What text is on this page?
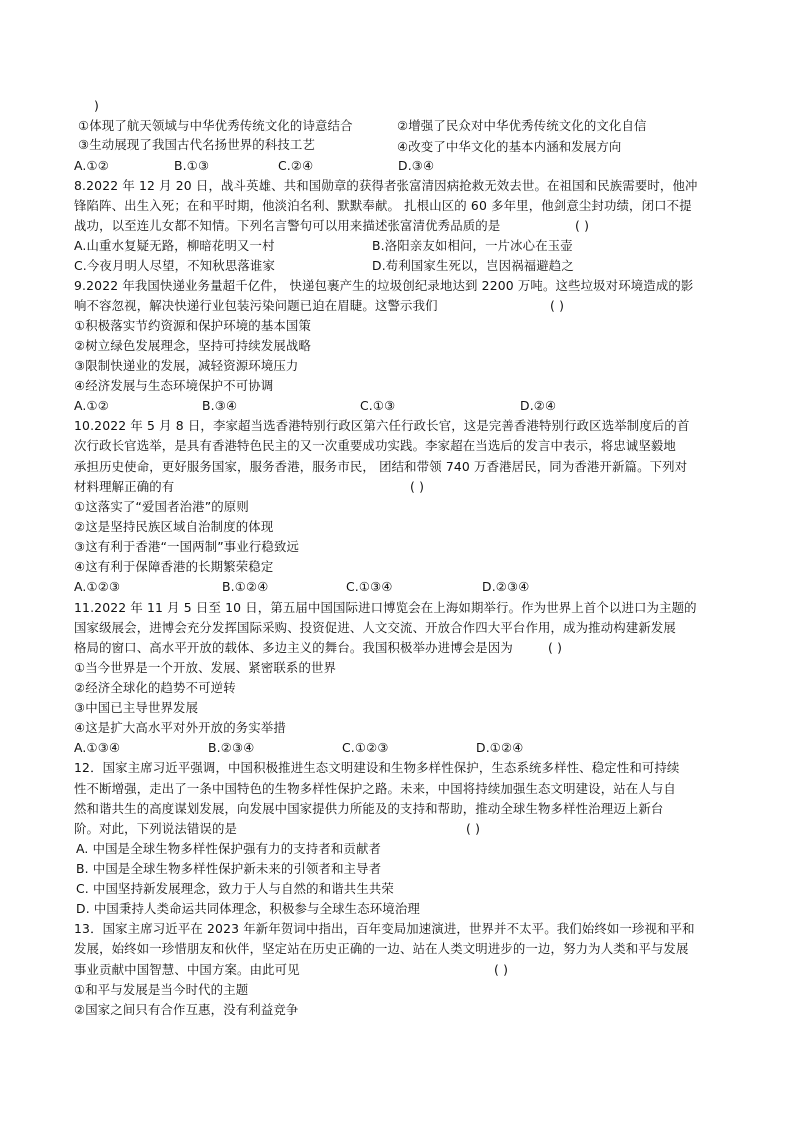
)
①体现了航天领域与中华优秀传统文化的诗意结合	②增强了民众对中华优秀传统文化的文化自信
③生动展现了我国古代名扬世界的科技工艺	④改变了中华文化的基本内涵和发展方向
A.①②	B.①③	C.②④	D.③④
8.2022 年 12 月 20 日，战斗英雄、共和国勋章的获得者张富清因病抢救无效去世。在祖国和民族需要时，他冲
锋陷阵、出生入死；在和平时期，他淡泊名利、默默奉献。 扎根山区的 60 多年里，他剑意尘封功绩，闭口不提
战功，以至连儿女都不知情。下列名言警句可以用来描述张富清优秀品质的是	( )
A.山重水复疑无路，柳暗花明又一村	B.洛阳亲友如相问，一片冰心在玉壶
C.今夜月明人尽望，不知秋思落谁家	D.苟利国家生死以，岂因祸福避趋之
9.2022 年我国快递业务量超千亿件， 快递包裹产生的垃圾创纪录地达到 2200 万吨。这些垃圾对环境造成的影
响不容忽视，解决快递行业包装污染问题已迫在眉睫。这警示我们	( )
①积极落实节约资源和保护环境的基本国策
②树立绿色发展理念，坚持可持续发展战略
③限制快递业的发展，减轻资源环境压力
④经济发展与生态环境保护不可协调
A.①②	B.③④	C.①③	D.②④
10.2022 年 5 月 8 日，李家超当选香港特别行政区第六任行政长官，这是完善香港特别行政区选举制度后的首
次行政长官选举，是具有香港特色民主的又一次重要成功实践。李家超在当选后的发言中表示，将忠诚坚毅地
承担历史使命，更好服务国家，服务香港，服务市民， 团结和带领 740 万香港居民，同为香港开新篇。下列对
材料理解正确的有	( )
①这落实了“爱国者治港”的原则
②这是坚持民族区域自治制度的体现
③这有利于香港“一国两制”事业行稳致远
④这有利于保障香港的长期繁荣稳定
A.①②③	B.①②④	C.①③④	D.②③④
11.2022 年 11 月 5 日至 10 日，第五届中国国际进口博览会在上海如期举行。作为世界上首个以进口为主题的
国家级展会，进博会充分发挥国际采购、投资促进、人文交流、开放合作四大平台作用，成为推动构建新发展
格局的窗口、高水平开放的载体、多边主义的舞台。我国积极举办进博会是因为	( )
①当今世界是一个开放、发展、紧密联系的世界
②经济全球化的趋势不可逆转
③中国已主导世界发展
④这是扩大高水平对外开放的务实举措
A.①③④	B.②③④	C.①②③	D.①②④
12．国家主席习近平强调，中国积极推进生态文明建设和生物多样性保护，生态系统多样性、稳定性和可持续
性不断增强，走出了一条中国特色的生物多样性保护之路。未来，中国将持续加强生态文明建设，站在人与自
然和谐共生的高度谋划发展，向发展中国家提供力所能及的支持和帮助，推动全球生物多样性治理迈上新台
阶。对此，下列说法错误的是	( )
A. 中国是全球生物多样性保护强有力的支持者和贡献者
B. 中国是全球生物多样性保护新未来的引领者和主导者
C. 中国坚持新发展理念，致力于人与自然的和谐共生共荣
D. 中国秉持人类命运共同体理念，积极参与全球生态环境治理
13．国家主席习近平在 2023 年新年贺词中指出，百年变局加速演进，世界并不太平。我们始终如一珍视和平和
发展，始终如一珍惜朋友和伙伴，坚定站在历史正确的一边、站在人类文明进步的一边，努力为人类和平与发展
事业贡献中国智慧、中国方案。由此可见	( )
①和平与发展是当今时代的主题
②国家之间只有合作互惠，没有利益竞争
